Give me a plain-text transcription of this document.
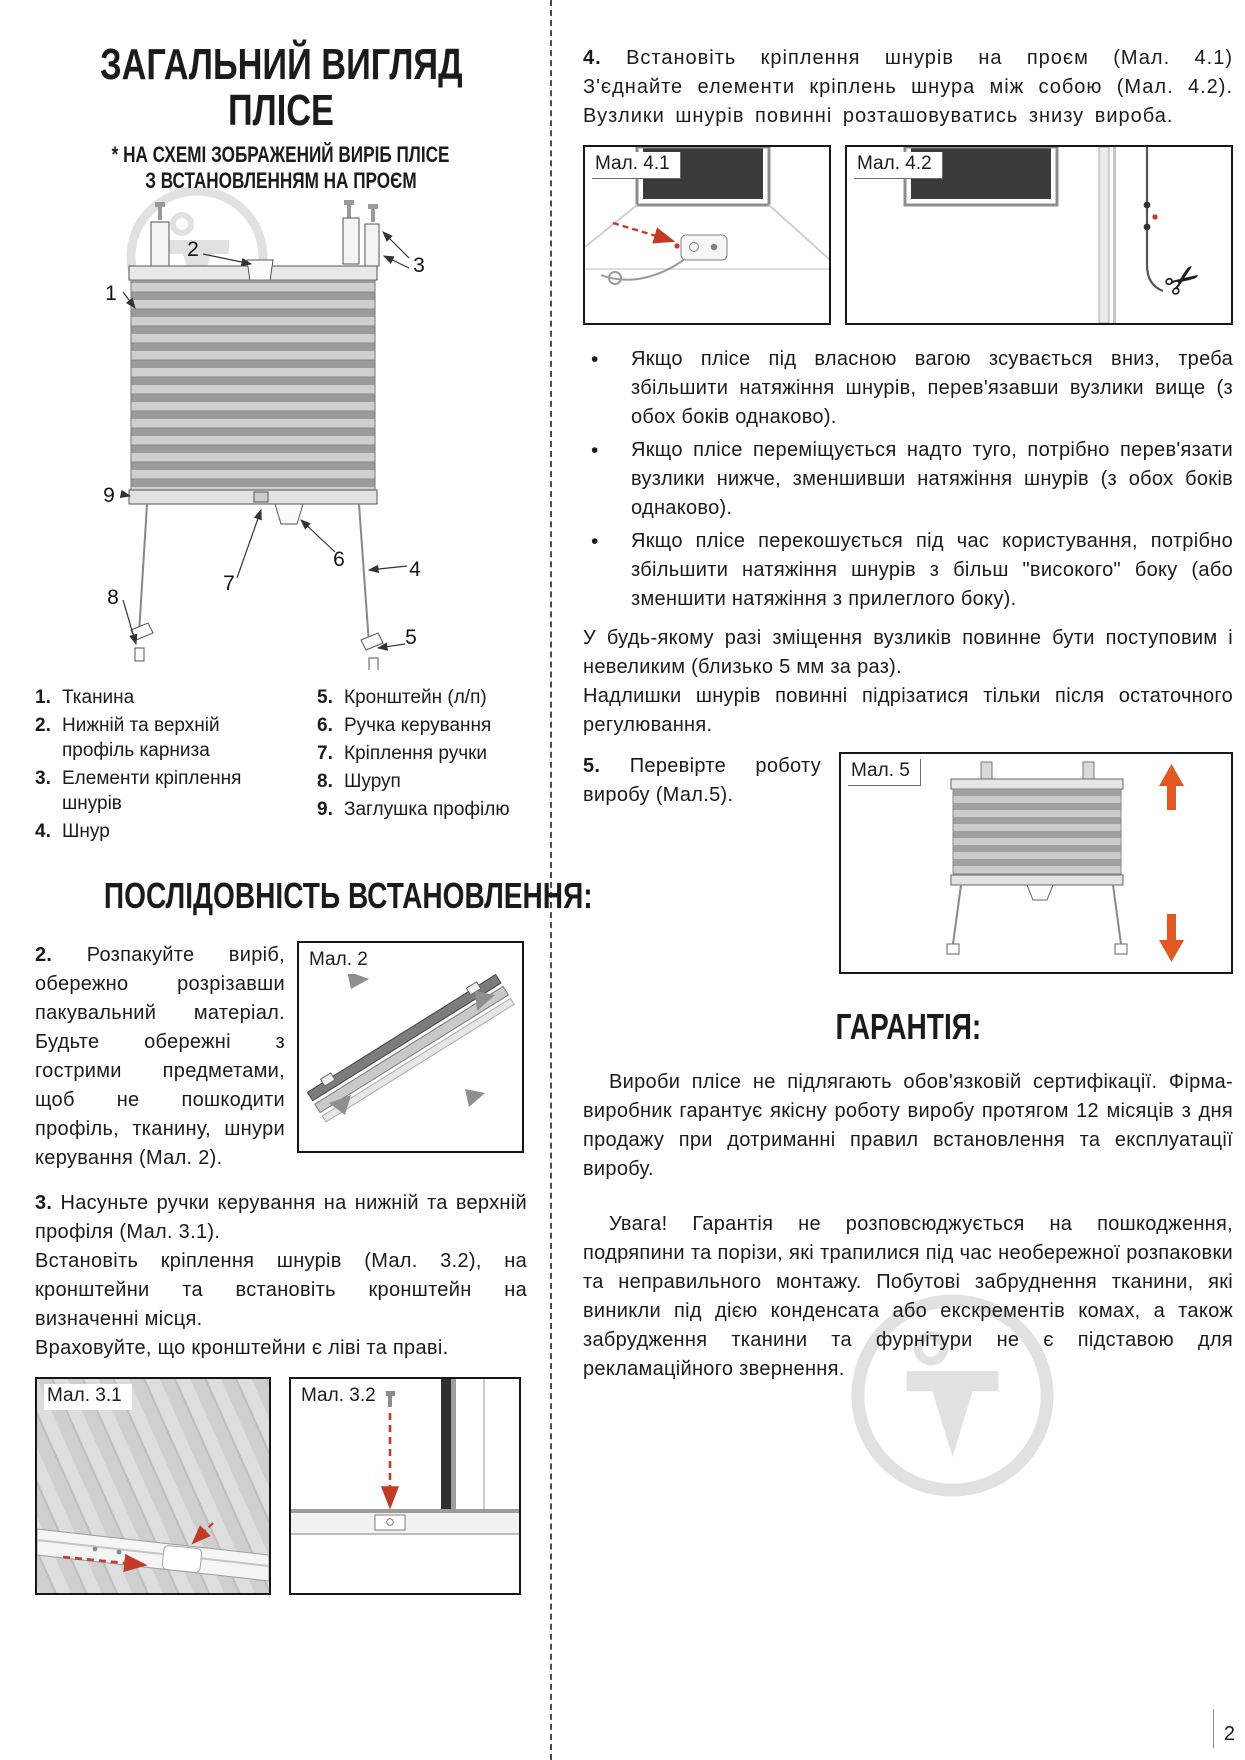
ЗАГАЛЬНИЙ ВИГЛЯД
ПЛІСЕ
* НА СХЕМІ ЗОБРАЖЕНИЙ ВИРІБ ПЛІСЕ
З ВСТАНОВЛЕННЯМ НА ПРОЄМ
1
2
3
4
5
6
7
8
9
1. Тканина
2. Нижній та верхній профіль карниза
3. Елементи кріплення шнурів
4. Шнур
5. Кронштейн (л/п)
6. Ручка керування
7. Кріплення ручки
8. Шуруп
9. Заглушка профілю
ПОСЛІДОВНІСТЬ ВСТАНОВЛЕННЯ:

2. Розпакуйте виріб, обережно розрізавши пакувальний матеріал. Будьте обережні з гострими предметами, щоб не пошкодити профіль, тканину, шнури керування (Мал. 2).

Мал. 2

3. Насуньте ручки керування на нижній та верхній профіля (Мал. 3.1).

Встановіть кріплення шнурів (Мал. 3.2), на кронштейни та встановіть кронштейн на визначенні місця.

Враховуйте, що кронштейни є ліві та праві.

Мал. 3.1	Мал. 3.2

4. Встановіть кріплення шнурів на проєм (Мал. 4.1) З'єднайте елементи кріплень шнура між собою (Мал. 4.2). Вузлики шнурів повинні розташовуватись знизу вироба.

Мал. 4.1	Мал. 4.2
✂
•

Якщо плісе під власною вагою зсувається вниз, треба збільшити натяжіння шнурів, перев'язавши вузлики вище (з обох боків однаково).

•

Якщо плісе переміщується надто туго, потрібно перев'язати вузлики нижче, зменшивши натяжіння шнурів (з обох боків однаково).

•

Якщо плісе перекошується під час користування, потрібно збільшити натяжіння шнурів з більш "високого" боку (або зменшити натяжіння з прилеглого боку).

У будь-якому разі зміщення вузликів повинне бути поступовим і невеликим (близько 5 мм за раз).

Надлишки шнурів повинні підрізатися тільки після остаточного регулювання.

5. Перевірте роботу виробу (Мал.5).

Мал. 5
ГАРАНТІЯ:

Вироби плісе не підлягають обов'язковій сертифікації. Фірма-виробник гарантує якісну роботу виробу протягом 12 місяців з дня продажу при дотриманні правил встановлення та експлуатації виробу.

Увага! Гарантія не розповсюджується на пошкодження, подряпини та порізи, які трапилися під час необережної розпаковки та неправильного монтажу. Побутові забруднення тканини, які виникли під дією конденсата або екскрементів комах, а також забрудження тканини та фурнітури не є підставою для рекламаційного звернення.

2
